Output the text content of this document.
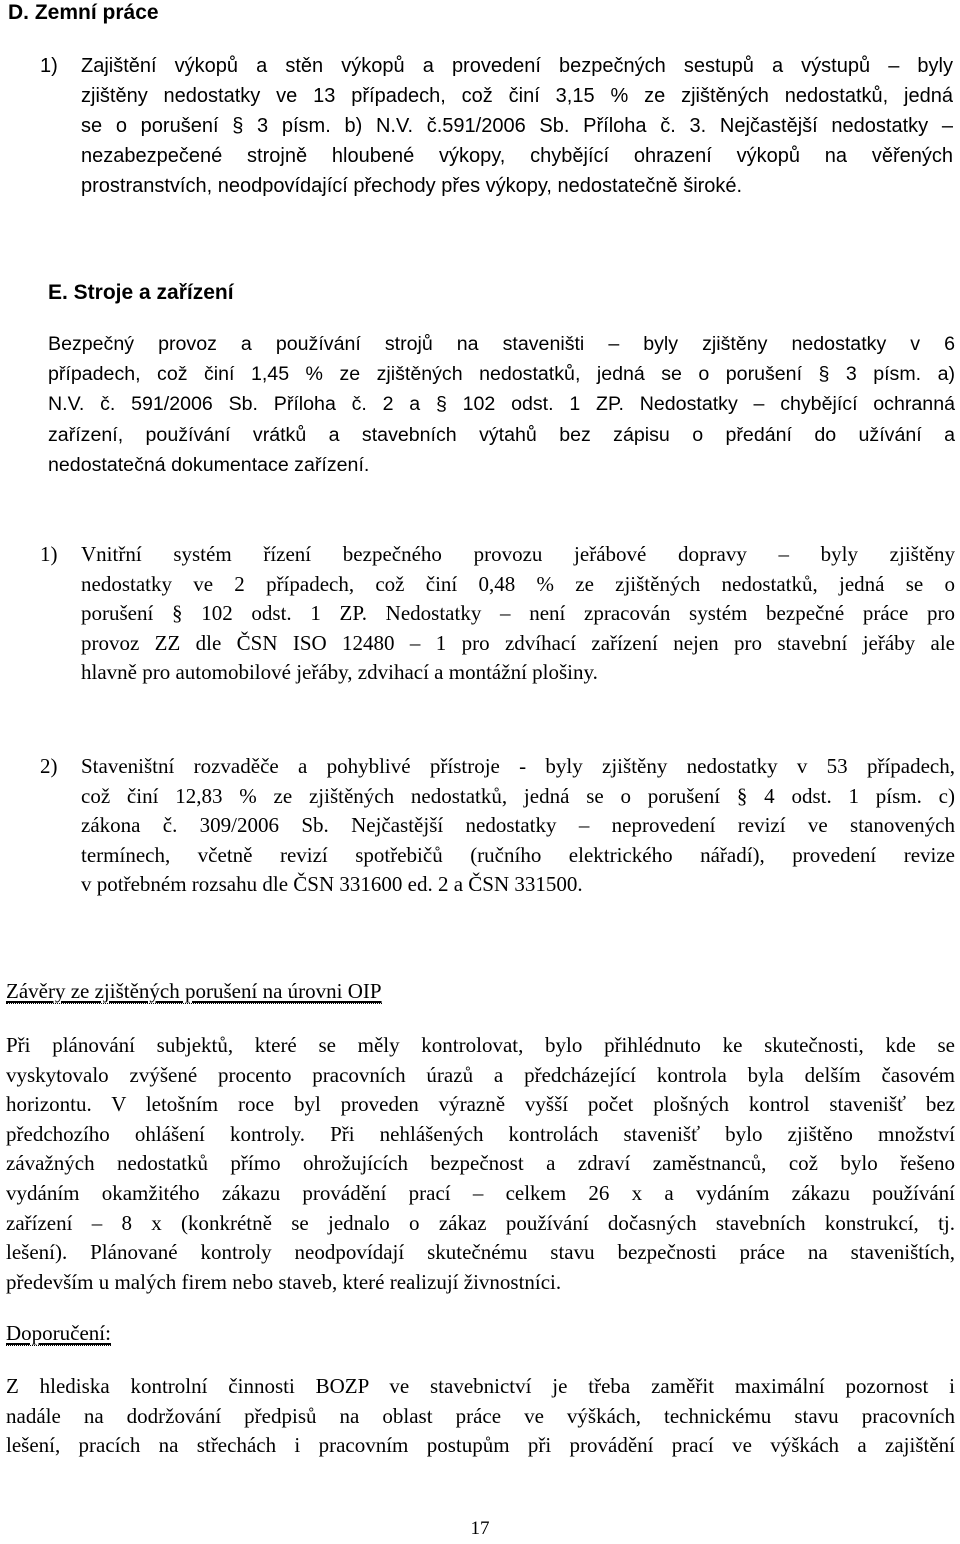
D. Zemní práce
1) Zajištění výkopů a stěn výkopů a provedení bezpečných sestupů a výstupů – byly
zjištěny nedostatky ve 13 případech, což činí 3,15 % ze zjištěných nedostatků, jedná
se o porušení § 3 písm. b) N.V. č.591/2006 Sb. Příloha č. 3. Nejčastější nedostatky –
nezabezpečené strojně hloubené výkopy, chybějící ohrazení výkopů na věřených
prostranstvích, neodpovídající přechody přes výkopy, nedostatečně široké.
E. Stroje a zařízení
Bezpečný provoz a používání strojů na staveništi – byly zjištěny nedostatky v 6
případech, což činí 1,45 % ze zjištěných nedostatků, jedná se o porušení § 3 písm. a)
N.V. č. 591/2006 Sb. Příloha č. 2 a § 102 odst. 1 ZP. Nedostatky – chybějící ochranná
zařízení, používání vrátků a stavebních výtahů bez zápisu o předání do užívání a
nedostatečná dokumentace zařízení.
1) Vnitřní systém řízení bezpečného provozu jeřábové dopravy – byly zjištěny
nedostatky ve 2 případech, což činí 0,48 % ze zjištěných nedostatků, jedná se o
porušení § 102 odst. 1 ZP. Nedostatky – není zpracován systém bezpečné práce pro
provoz ZZ dle ČSN ISO 12480 – 1 pro zdvíhací zařízení nejen pro stavební jeřáby ale
hlavně pro automobilové jeřáby, zdvihací a montážní plošiny.
2) Staveništní rozvaděče a pohyblivé přístroje - byly zjištěny nedostatky v 53 případech,
což činí 12,83 % ze zjištěných nedostatků, jedná se o porušení § 4 odst. 1 písm. c)
zákona č. 309/2006 Sb. Nejčastější nedostatky – neprovedení revizí ve stanovených
termínech, včetně revizí spotřebičů (ručního elektrického nářadí), provedení revize
v potřebném rozsahu dle ČSN 331600 ed. 2 a ČSN 331500.
Závěry ze zjištěných porušení na úrovni OIP
Při plánování subjektů, které se měly kontrolovat, bylo přihlédnuto ke skutečnosti, kde se
vyskytovalo zvýšené procento pracovních úrazů a předcházející kontrola byla delším časovém
horizontu. V letošním roce byl proveden výrazně vyšší počet plošných kontrol stavenišť bez
předchozího ohlášení kontroly. Při nehlášených kontrolách stavenišť bylo zjištěno množství
závažných nedostatků přímo ohrožujících bezpečnost a zdraví zaměstnanců, což bylo řešeno
vydáním okamžitého zákazu provádění prací – celkem 26 x a vydáním zákazu používání
zařízení – 8 x (konkrétně se jednalo o zákaz používání dočasných stavebních konstrukcí, tj.
lešení). Plánované kontroly neodpovídají skutečnému stavu bezpečnosti práce na staveništích,
především u malých firem nebo staveb, které realizují živnostníci.
Doporučení:
Z hlediska kontrolní činnosti BOZP ve stavebnictví je třeba zaměřit maximální pozornost i
nadále na dodržování předpisů na oblast práce ve výškách, technickému stavu pracovních
lešení, pracích na střechách i pracovním postupům při provádění prací ve výškách a zajištění
17
